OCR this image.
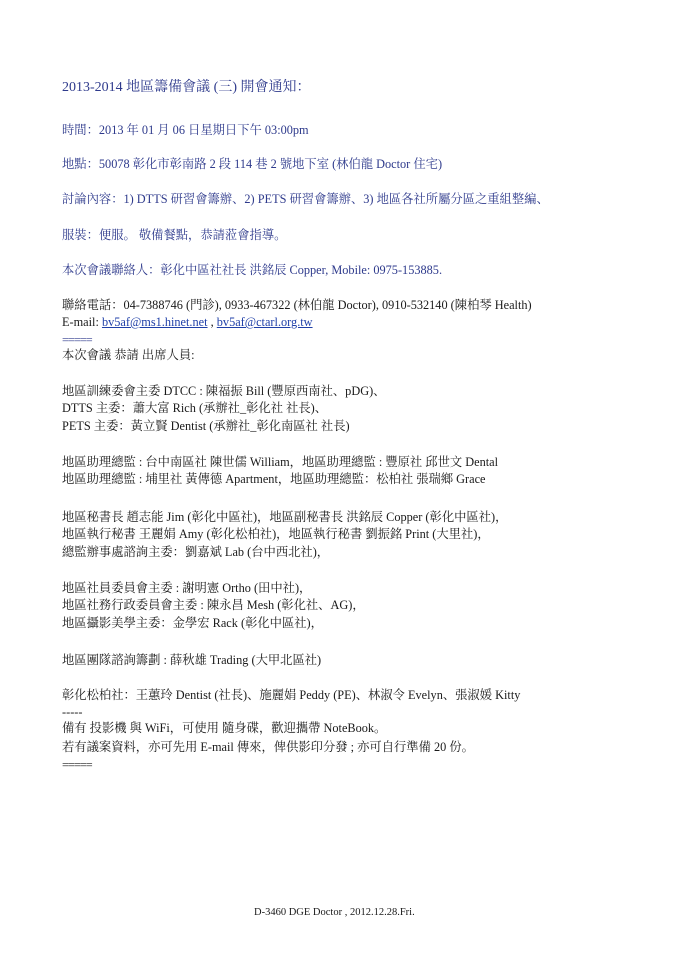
2013-2014 地區籌備會議 (三) 開會通知：
時間：2013 年 01 月 06 日星期日下午 03:00pm
地點：50078 彰化市彰南路 2 段 114 巷 2 號地下室 (林伯龍 Doctor 住宅)
討論內容：1) DTTS 研習會籌辦、2) PETS 研習會籌辦、3) 地區各社所屬分區之重組整編、
服裝：便服。 敬備餐點，恭請蒞會指導。
本次會議聯絡人：彰化中區社社長 洪銘辰 Copper, Mobile: 0975-153885.
聯絡電話：04-7388746 (門診), 0933-467322 (林伯龍 Doctor), 0910-532140 (陳柏琴 Health)
E-mail: bv5af@ms1.hinet.net , bv5af@ctarl.org.tw
=====
本次會議 恭請 出席人員:
地區訓練委會主委 DTCC : 陳福振 Bill (豐原西南社、pDG)、
DTTS 主委：蕭大富 Rich (承辦社_彰化社 社長)、
PETS 主委：黃立賢 Dentist (承辦社_彰化南區社 社長)
地區助理總監 : 台中南區社 陳世儒 William，地區助理總監 : 豐原社 邱世文 Dental
地區助理總監 : 埔里社 黃傳德 Apartment，地區助理總監：松柏社 張瑞鄉 Grace
地區秘書長 趙志能 Jim (彰化中區社)，地區副秘書長 洪銘辰 Copper (彰化中區社)，
地區執行秘書 王麗娟 Amy (彰化松柏社)，地區執行秘書 劉振銘 Print (大里社)，
總監辦事處諮詢主委：劉嘉斌 Lab (台中西北社)，
地區社員委員會主委 : 謝明憲 Ortho (田中社)，
地區社務行政委員會主委 : 陳永昌 Mesh (彰化社、AG)，
地區攝影美學主委：金學宏 Rack (彰化中區社)，
地區團隊諮詢籌劃 : 薛秋雄 Trading (大甲北區社)
彰化松柏社：王蕙玲 Dentist (社長)、施麗娟 Peddy (PE)、林淑令 Evelyn、張淑媛 Kitty
-----
備有 投影機 與 WiFi，可使用 隨身碟，歡迎攜帶 NoteBook。
若有議案資料，亦可先用 E-mail 傳來，俾供影印分發 ; 亦可自行準備 20 份。
=====
D-3460 DGE Doctor , 2012.12.28.Fri.
